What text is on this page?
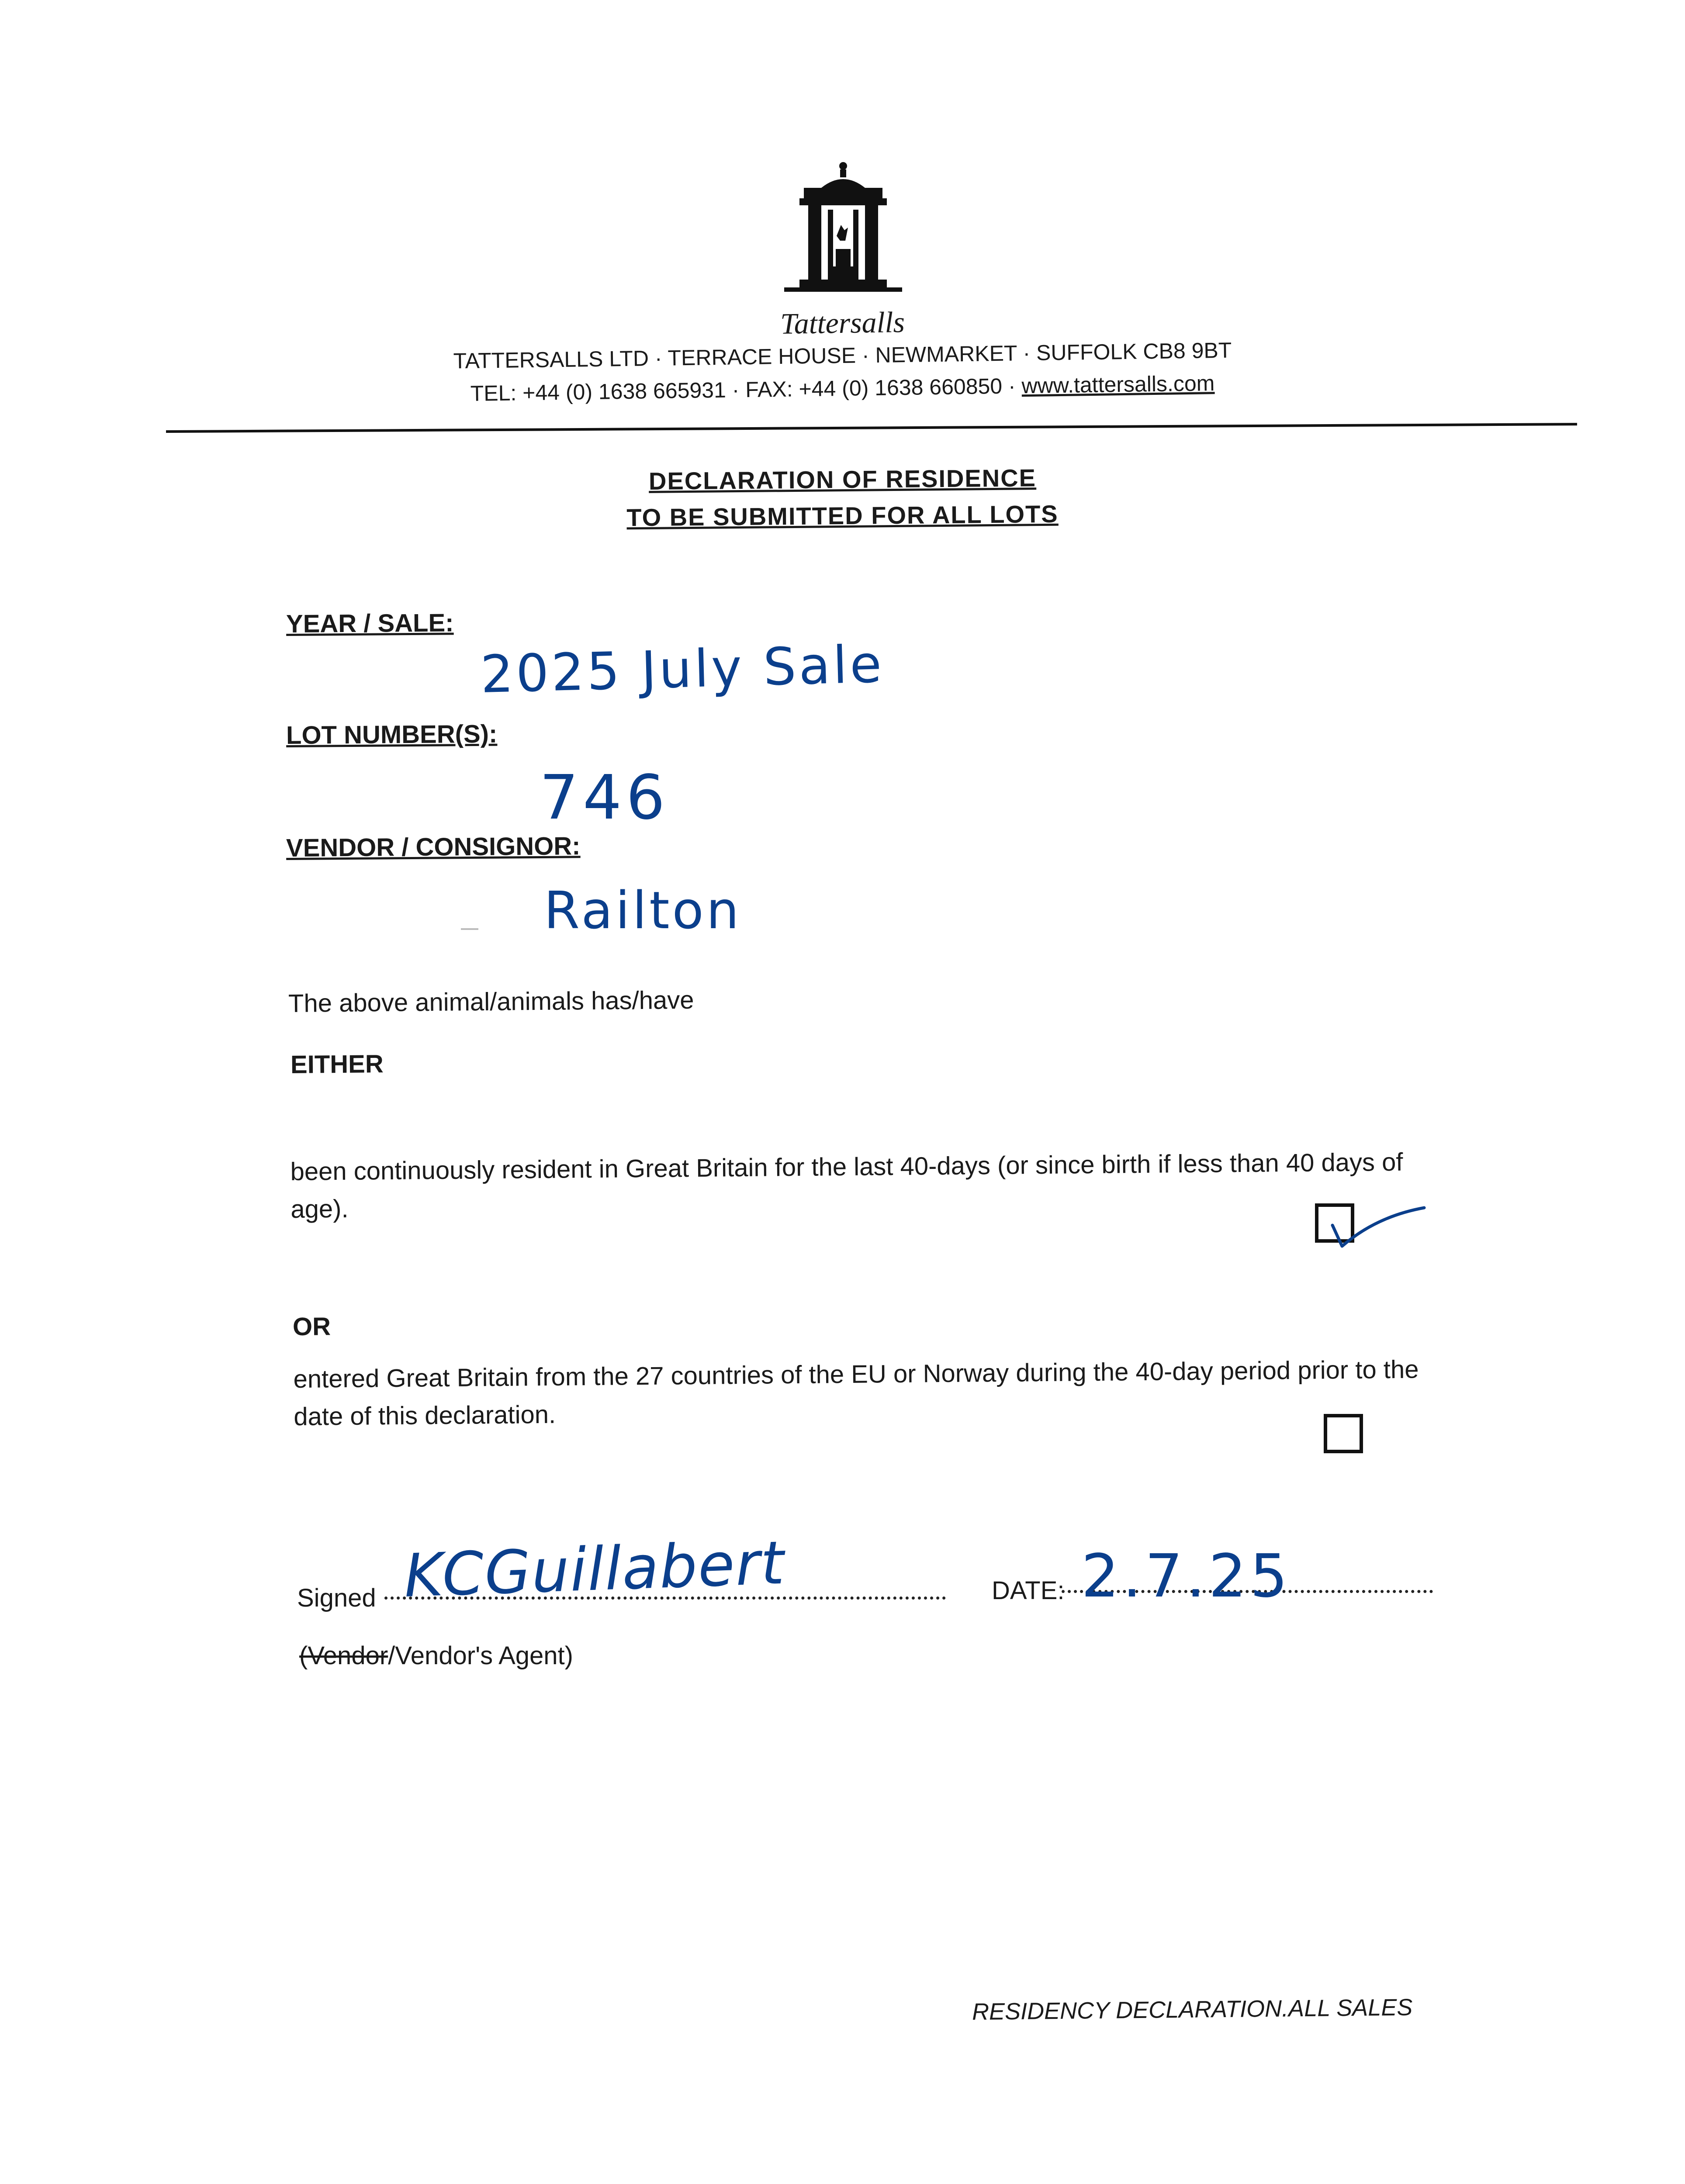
Tattersalls
TATTERSALLS LTD · TERRACE HOUSE · NEWMARKET · SUFFOLK CB8 9BT
TEL: +44 (0) 1638 665931 · FAX: +44 (0) 1638 660850 · www.tattersalls.com
DECLARATION OF RESIDENCE
TO BE SUBMITTED FOR ALL LOTS
YEAR / SALE:
2025 July Sale
LOT NUMBER(S):
746
VENDOR / CONSIGNOR:
Railton
The above animal/animals has/have
EITHER
been continuously resident in Great Britain for the last 40-days (or since birth if less than 40 days of age).
OR
entered Great Britain from the 27 countries of the EU or Norway during the 40-day period prior to the date of this declaration.
Signed KCGuillabert	DATE: 2.7.25
(Vendor/Vendor's Agent)
RESIDENCY DECLARATION.ALL SALES
